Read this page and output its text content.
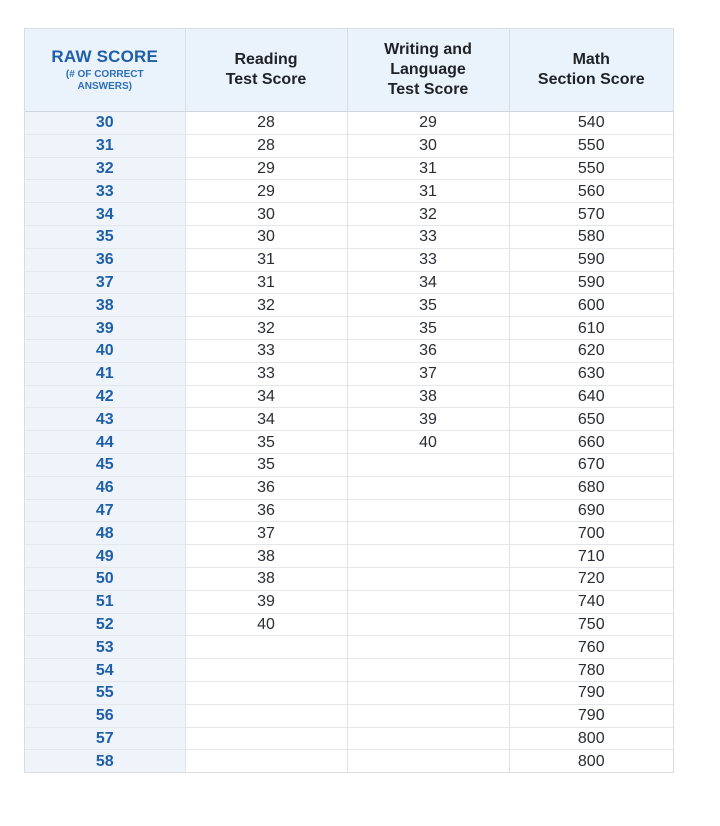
RAW SCORE
(# OF CORRECT
ANSWERS)	Reading
Test Score	Writing and
Language
Test Score	Math
Section Score

30	28	29	540
31	28	30	550
32	29	31	550
33	29	31	560
34	30	32	570
35	30	33	580
36	31	33	590
37	31	34	590
38	32	35	600
39	32	35	610
40	33	36	620
41	33	37	630
42	34	38	640
43	34	39	650
44	35	40	660
45	35		670
46	36		680
47	36		690
48	37		700
49	38		710
50	38		720
51	39		740
52	40		750
53			760
54			780
55			790
56			790
57			800
58			800
